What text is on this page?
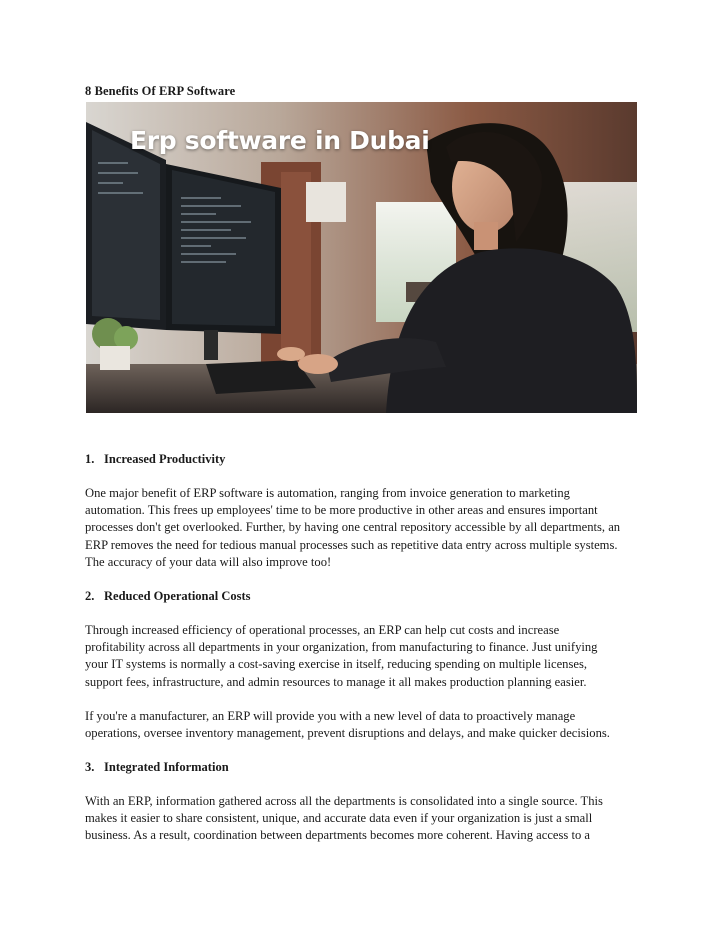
8 Benefits Of ERP Software
Erp software in Dubai
1. Increased Productivity
One major benefit of ERP software is automation, ranging from invoice generation to marketing
automation. This frees up employees' time to be more productive in other areas and ensures important
processes don't get overlooked. Further, by having one central repository accessible by all departments, an
ERP removes the need for tedious manual processes such as repetitive data entry across multiple systems.
The accuracy of your data will also improve too!
2. Reduced Operational Costs
Through increased efficiency of operational processes, an ERP can help cut costs and increase
profitability across all departments in your organization, from manufacturing to finance. Just unifying
your IT systems is normally a cost-saving exercise in itself, reducing spending on multiple licenses,
support fees, infrastructure, and admin resources to manage it all makes production planning easier.
If you're a manufacturer, an ERP will provide you with a new level of data to proactively manage
operations, oversee inventory management, prevent disruptions and delays, and make quicker decisions.
3. Integrated Information
With an ERP, information gathered across all the departments is consolidated into a single source. This
makes it easier to share consistent, unique, and accurate data even if your organization is just a small
business. As a result, coordination between departments becomes more coherent. Having access to a
